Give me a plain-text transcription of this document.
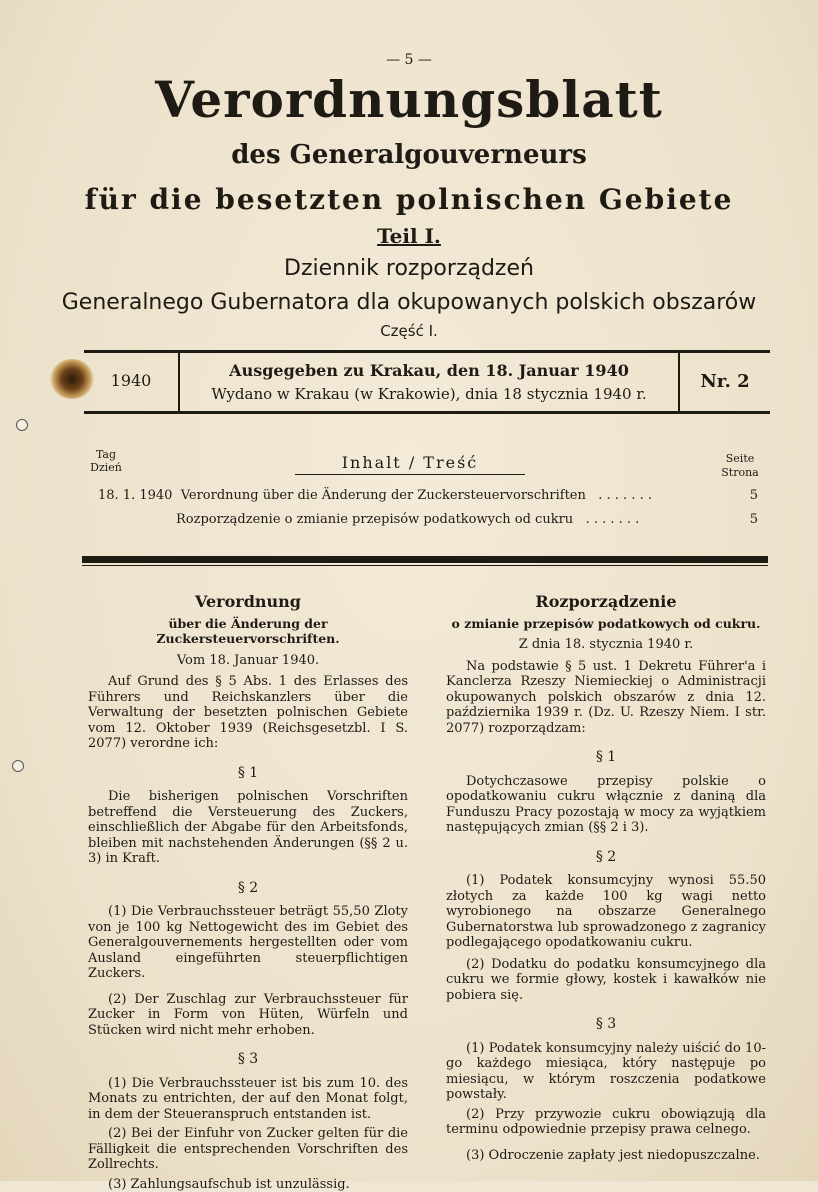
— 5 —
Verordnungsblatt
des Generalgouverneurs
für die besetzten polnischen Gebiete
Teil I.
Dziennik rozporządzeń
Generalnego Gubernatora dla okupowanych polskich obszarów
Część I.
1940
Ausgegeben zu Krakau, den 18. Januar 1940
Wydano w Krakau (w Krakowie), dnia 18 stycznia 1940 r.
Nr. 2
Tag
Dzień	Inhalt / Treść	Seite
Strona
18. 1. 1940 Verordnung über die Änderung der Zuckersteuervorschriften . . . . . . .	5
Rozporządzenie o zmianie przepisów podatkowych od cukru . . . . . . .	5
Verordnung
über die Änderung der Zuckersteuervorschriften.
Vom 18. Januar 1940.
Auf Grund des § 5 Abs. 1 des Erlasses des Führers und Reichskanzlers über die Verwaltung der besetzten polnischen Gebiete vom 12. Oktober 1939 (Reichsgesetzbl. I S. 2077) verordne ich:
§ 1
Die bisherigen polnischen Vorschriften betreffend die Versteuerung des Zuckers, einschließlich der Abgabe für den Arbeitsfonds, bleiben mit nachstehenden Änderungen (§§ 2 u. 3) in Kraft.
§ 2
(1) Die Verbrauchssteuer beträgt 55,50 Zloty von je 100 kg Nettogewicht des im Gebiet des Generalgouvernements hergestellten oder vom Ausland eingeführten steuerpflichtigen Zuckers.
(2) Der Zuschlag zur Verbrauchssteuer für Zucker in Form von Hüten, Würfeln und Stücken wird nicht mehr erhoben.
§ 3
(1) Die Verbrauchssteuer ist bis zum 10. des Monats zu entrichten, der auf den Monat folgt, in dem der Steueranspruch entstanden ist.
(2) Bei der Einfuhr von Zucker gelten für die Fälligkeit die entsprechenden Vorschriften des Zollrechts.
(3) Zahlungsaufschub ist unzulässig.
Rozporządzenie
o zmianie przepisów podatkowych od cukru.
Z dnia 18. stycznia 1940 r.
Na podstawie § 5 ust. 1 Dekretu Führer'a i Kanclerza Rzeszy Niemieckiej o Administracji okupowanych polskich obszarów z dnia 12. października 1939 r. (Dz. U. Rzeszy Niem. I str. 2077) rozporządzam:
§ 1
Dotychczasowe przepisy polskie o opodatkowaniu cukru włącznie z daniną dla Funduszu Pracy pozostają w mocy za wyjątkiem następujących zmian (§§ 2 i 3).
§ 2
(1) Podatek konsumcyjny wynosi 55.50 złotych za każde 100 kg wagi netto wyrobionego na obszarze Generalnego Gubernatorstwa lub sprowadzonego z zagranicy podlegającego opodatkowaniu cukru.
(2) Dodatku do podatku konsumcyjnego dla cukru we formie głowy, kostek i kawałków nie pobiera się.
§ 3
(1) Podatek konsumcyjny należy uiścić do 10-go każdego miesiąca, który następuje po miesiącu, w którym roszczenia podatkowe powstały.
(2) Przy przywozie cukru obowiązują dla terminu odpowiednie przepisy prawa celnego.
(3) Odroczenie zapłaty jest niedopuszczalne.
